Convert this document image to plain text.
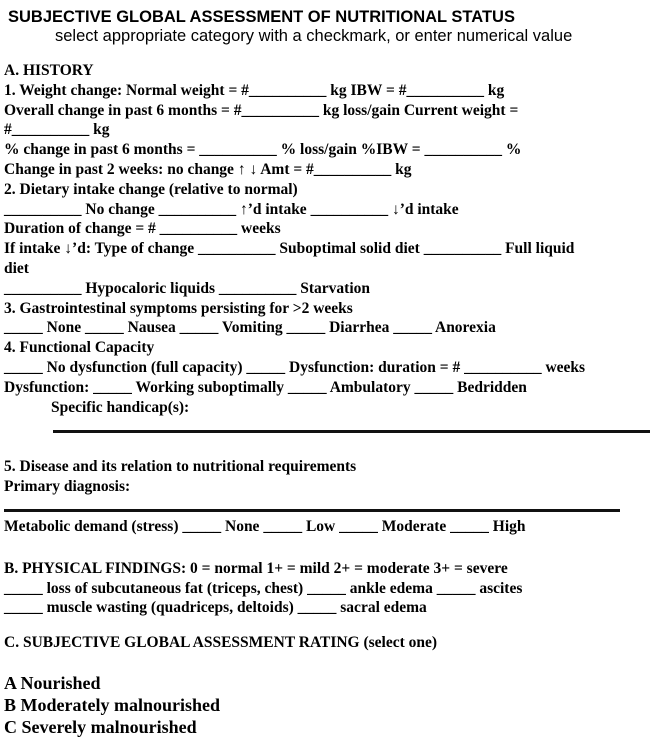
SUBJECTIVE GLOBAL ASSESSMENT OF NUTRITIONAL STATUS
select appropriate category with a checkmark, or enter numerical value
A. HISTORY
1. Weight change: Normal weight = #__________ kg IBW = #__________ kg
Overall change in past 6 months = #__________ kg loss/gain Current weight =
#__________ kg
% change in past 6 months = __________ % loss/gain %IBW = __________ %
Change in past 2 weeks: no change ↑ ↓ Amt = #__________ kg
2. Dietary intake change (relative to normal)
__________ No change __________ ↑’d intake __________ ↓’d intake
Duration of change = # __________ weeks
If intake ↓’d: Type of change __________ Suboptimal solid diet __________ Full liquid
diet
__________ Hypocaloric liquids __________ Starvation
3. Gastrointestinal symptoms persisting for >2 weeks
_____ None _____ Nausea _____ Vomiting _____ Diarrhea _____ Anorexia
4. Functional Capacity
_____ No dysfunction (full capacity) _____ Dysfunction: duration = # __________ weeks
Dysfunction: _____ Working suboptimally _____ Ambulatory _____ Bedridden
Specific handicap(s):
5. Disease and its relation to nutritional requirements
Primary diagnosis:
Metabolic demand (stress) _____ None _____ Low _____ Moderate _____ High
B. PHYSICAL FINDINGS: 0 = normal 1+ = mild 2+ = moderate 3+ = severe
_____ loss of subcutaneous fat (triceps, chest) _____ ankle edema _____ ascites
_____ muscle wasting (quadriceps, deltoids) _____ sacral edema
C. SUBJECTIVE GLOBAL ASSESSMENT RATING (select one)
A Nourished
B Moderately malnourished
C Severely malnourished
